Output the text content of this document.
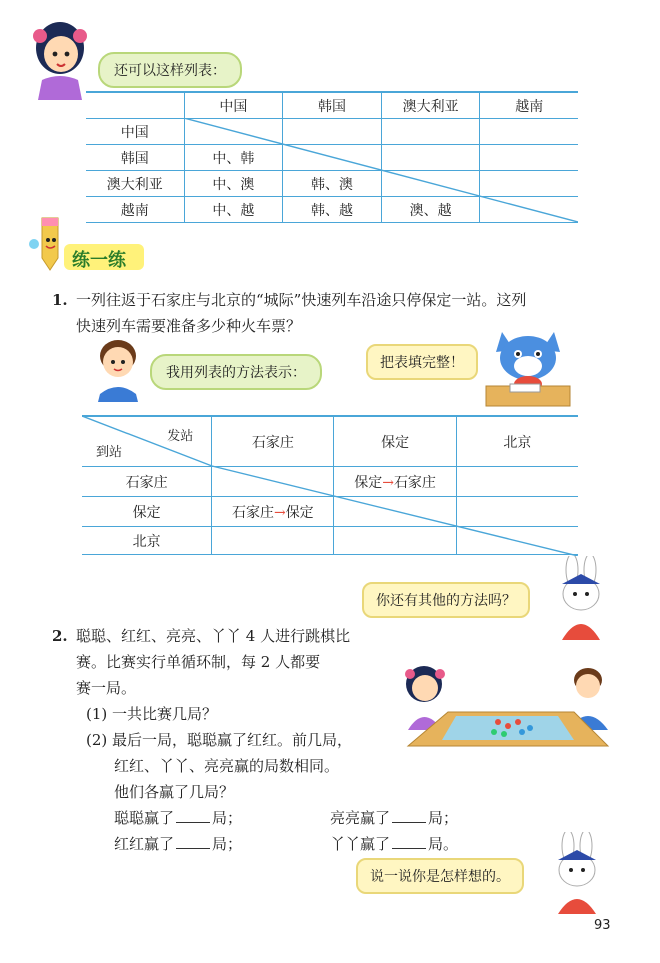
还可以这样列表：
	中国	韩国	澳大利亚	越南
中国				
韩国	中、韩			
澳大利亚	中、澳	韩、澳		
越南	中、越	韩、越	澳、越	
练一练
1. 一列往返于石家庄与北京的“城际”快速列车沿途只停保定一站。这列
快速列车需要准备多少种火车票？
我用列表的方法表示：
把表填完整！
发站
到站	石家庄	保定	北京
石家庄		保定→石家庄	
保定	石家庄→保定		
北京			
你还有其他的方法吗？
2. 聪聪、红红、亮亮、丫丫 4 人进行跳棋比
赛。比赛实行单循环制，每 2 人都要
赛一局。
(1) 一共比赛几局？
(2) 最后一局，聪聪赢了红红。前几局，
红红、丫丫、亮亮赢的局数相同。
他们各赢了几局？
聪聪赢了	局；	亮亮赢了	局；
红红赢了	局；	丫丫赢了	局。
说一说你是怎样想的。
93
